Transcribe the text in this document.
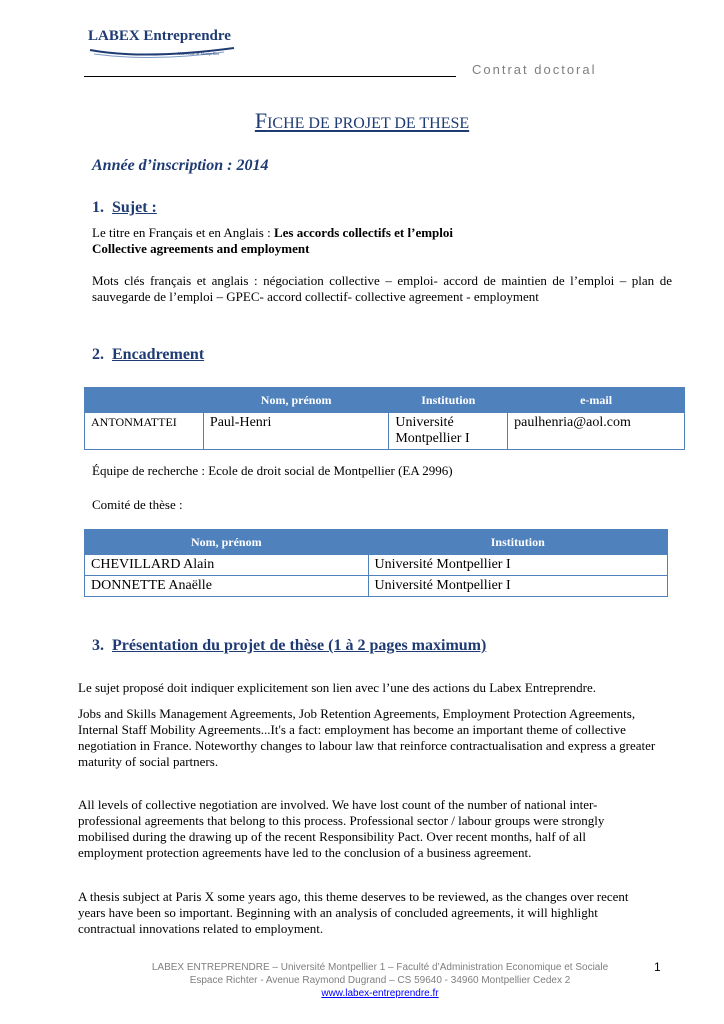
LABEX Entreprendre
Université de Montpellier
Contrat doctoral
FICHE DE PROJET DE THESE
Année d’inscription : 2014
1. Sujet :
Le titre en Français et en Anglais : Les accords collectifs et l’emploi
Collective agreements and employment
Mots clés français et anglais : négociation collective – emploi- accord de maintien de l’emploi – plan de sauvegarde de l’emploi – GPEC- accord collectif- collective agreement - employment
2. Encadrement
	Nom, prénom	Institution	e-mail
ANTONMATTEI	Paul-Henri	Université Montpellier I	paulhenria@aol.com
Équipe de recherche : Ecole de droit social de Montpellier (EA 2996)
Comité de thèse :
Nom, prénom	Institution
CHEVILLARD Alain	Université Montpellier I
DONNETTE Anaëlle	Université Montpellier I
3. Présentation du projet de thèse (1 à 2 pages maximum)
Le sujet proposé doit indiquer explicitement son lien avec l’une des actions du Labex Entreprendre.
Jobs and Skills Management Agreements, Job Retention Agreements, Employment Protection Agreements, Internal Staff Mobility Agreements...It's a fact: employment has become an important theme of collective negotiation in France. Noteworthy changes to labour law that reinforce contractualisation and express a greater maturity of social partners.
All levels of collective negotiation are involved. We have lost count of the number of national inter-professional agreements that belong to this process. Professional sector / labour groups were strongly mobilised during the drawing up of the recent Responsibility Pact. Over recent months, half of all employment protection agreements have led to the conclusion of a business agreement.
A thesis subject at Paris X some years ago, this theme deserves to be reviewed, as the changes over recent years have been so important. Beginning with an analysis of concluded agreements, it will highlight contractual innovations related to employment.
LABEX ENTREPRENDRE – Université Montpellier 1 – Faculté d’Administration Economique et Sociale
Espace Richter - Avenue Raymond Dugrand – CS 59640 - 34960 Montpellier Cedex 2
www.labex-entreprendre.fr
1
